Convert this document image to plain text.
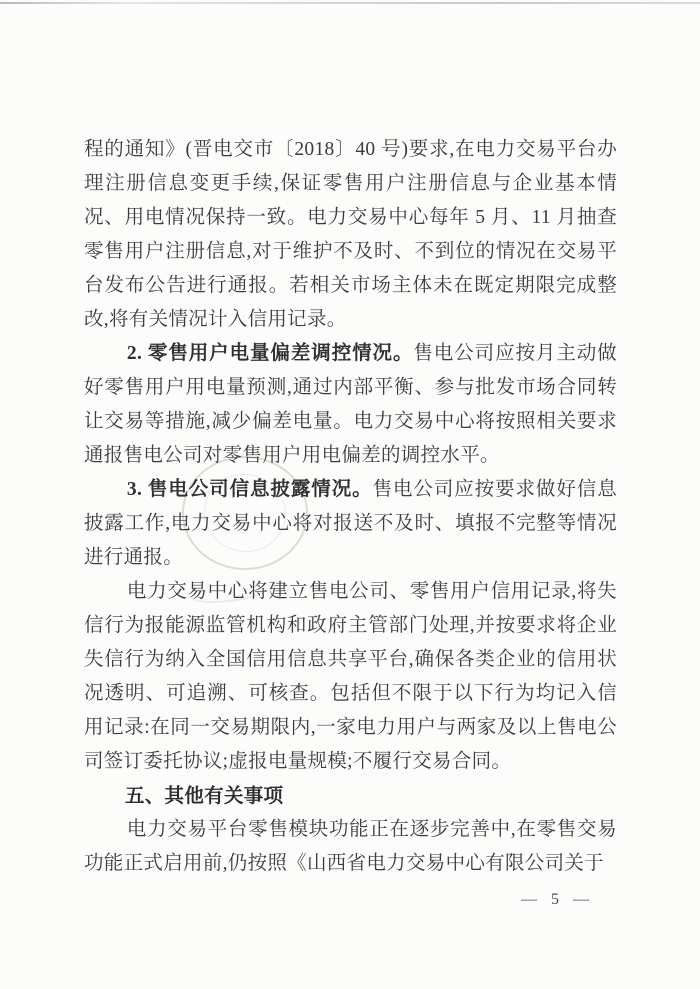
程的通知》(晋电交市〔2018〕40 号)要求,在电力交易平台办理注册信息变更手续,保证零售用户注册信息与企业基本情况、用电情况保持一致。电力交易中心每年 5 月、11 月抽查零售用户注册信息,对于维护不及时、不到位的情况在交易平台发布公告进行通报。若相关市场主体未在既定期限完成整改,将有关情况计入信用记录。

2. 零售用户电量偏差调控情况。售电公司应按月主动做好零售用户用电量预测,通过内部平衡、参与批发市场合同转让交易等措施,减少偏差电量。电力交易中心将按照相关要求通报售电公司对零售用户用电偏差的调控水平。

3. 售电公司信息披露情况。售电公司应按要求做好信息披露工作,电力交易中心将对报送不及时、填报不完整等情况进行通报。

电力交易中心将建立售电公司、零售用户信用记录,将失信行为报能源监管机构和政府主管部门处理,并按要求将企业失信行为纳入全国信用信息共享平台,确保各类企业的信用状况透明、可追溯、可核查。包括但不限于以下行为均记入信用记录:在同一交易期限内,一家电力用户与两家及以上售电公司签订委托协议;虚报电量规模;不履行交易合同。

五、其他有关事项

电力交易平台零售模块功能正在逐步完善中,在零售交易功能正式启用前,仍按照《山西省电力交易中心有限公司关于

— 5 —
